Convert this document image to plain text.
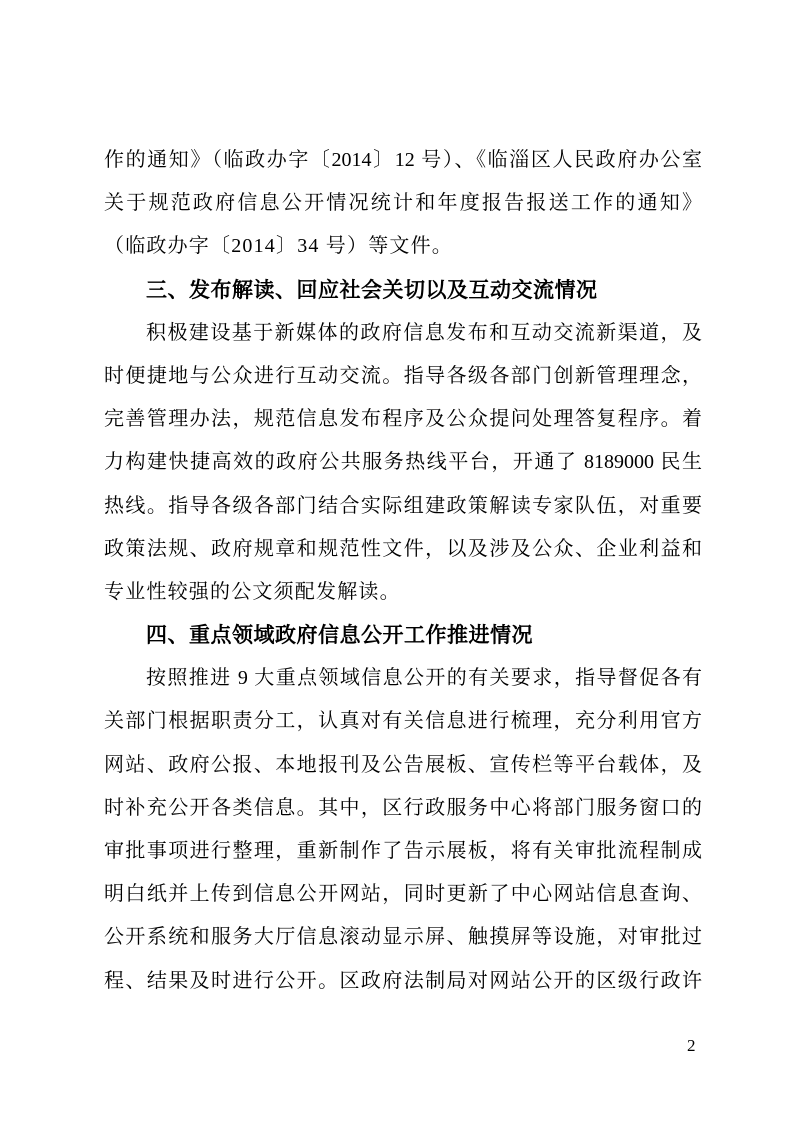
作的通知》（临政办字〔2014〕12 号）、《临淄区人民政府办公室
关于规范政府信息公开情况统计和年度报告报送工作的通知》
（临政办字〔2014〕34 号）等文件。
三、发布解读、回应社会关切以及互动交流情况
积极建设基于新媒体的政府信息发布和互动交流新渠道，及
时便捷地与公众进行互动交流。指导各级各部门创新管理理念，
完善管理办法，规范信息发布程序及公众提问处理答复程序。着
力构建快捷高效的政府公共服务热线平台，开通了 8189000 民生
热线。指导各级各部门结合实际组建政策解读专家队伍，对重要
政策法规、政府规章和规范性文件，以及涉及公众、企业利益和
专业性较强的公文须配发解读。
四、重点领域政府信息公开工作推进情况
按照推进 9 大重点领域信息公开的有关要求，指导督促各有
关部门根据职责分工，认真对有关信息进行梳理，充分利用官方
网站、政府公报、本地报刊及公告展板、宣传栏等平台载体，及
时补充公开各类信息。其中，区行政服务中心将部门服务窗口的
审批事项进行整理，重新制作了告示展板，将有关审批流程制成
明白纸并上传到信息公开网站，同时更新了中心网站信息查询、
公开系统和服务大厅信息滚动显示屏、触摸屏等设施，对审批过
程、结果及时进行公开。区政府法制局对网站公开的区级行政许
2
